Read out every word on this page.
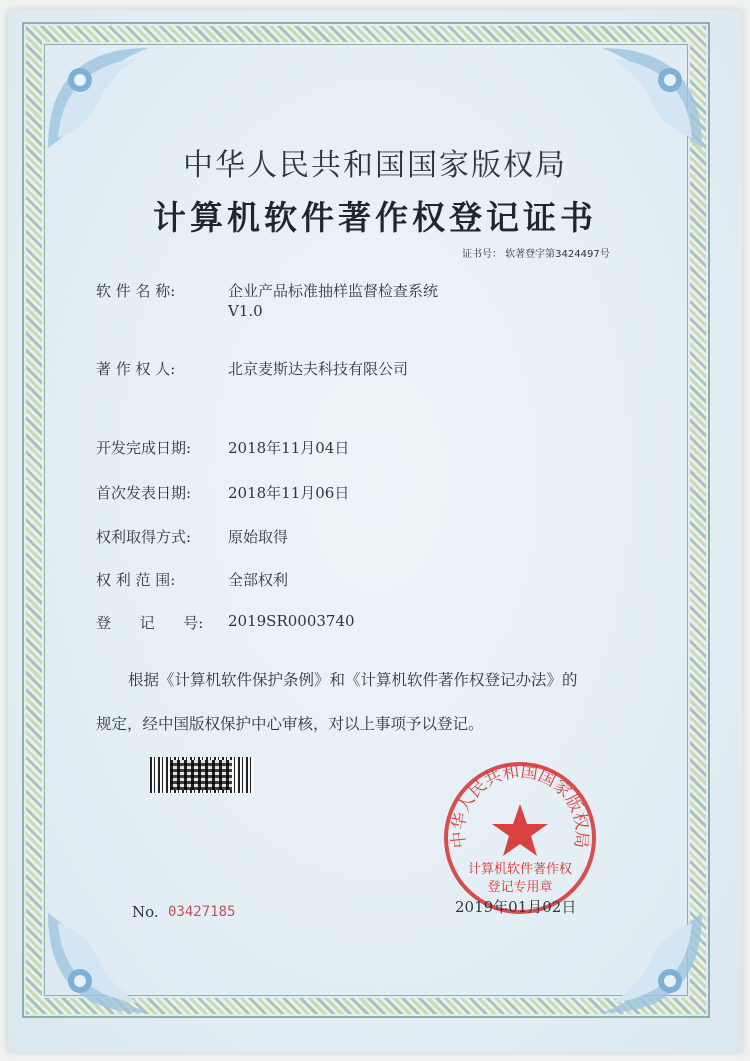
中华人民共和国国家版权局
计算机软件著作权登记证书
证书号： 软著登字第3424497号
软 件 名 称:	企业产品标准抽样监督检查系统
V1.0
著 作 权 人:	北京麦斯达夫科技有限公司
开发完成日期: 2018年11月04日
首次发表日期: 2018年11月06日
权利取得方式: 原始取得
权 利 范 围:	全部权利
登      记      号: 2019SR0003740
根据《计算机软件保护条例》和《计算机软件著作权登记办法》的
规定，经中国版权保护中心审核，对以上事项予以登记。
中华人民共和国国家版权局
计算机软件著作权
登记专用章
No. 03427185	2019年01月02日
